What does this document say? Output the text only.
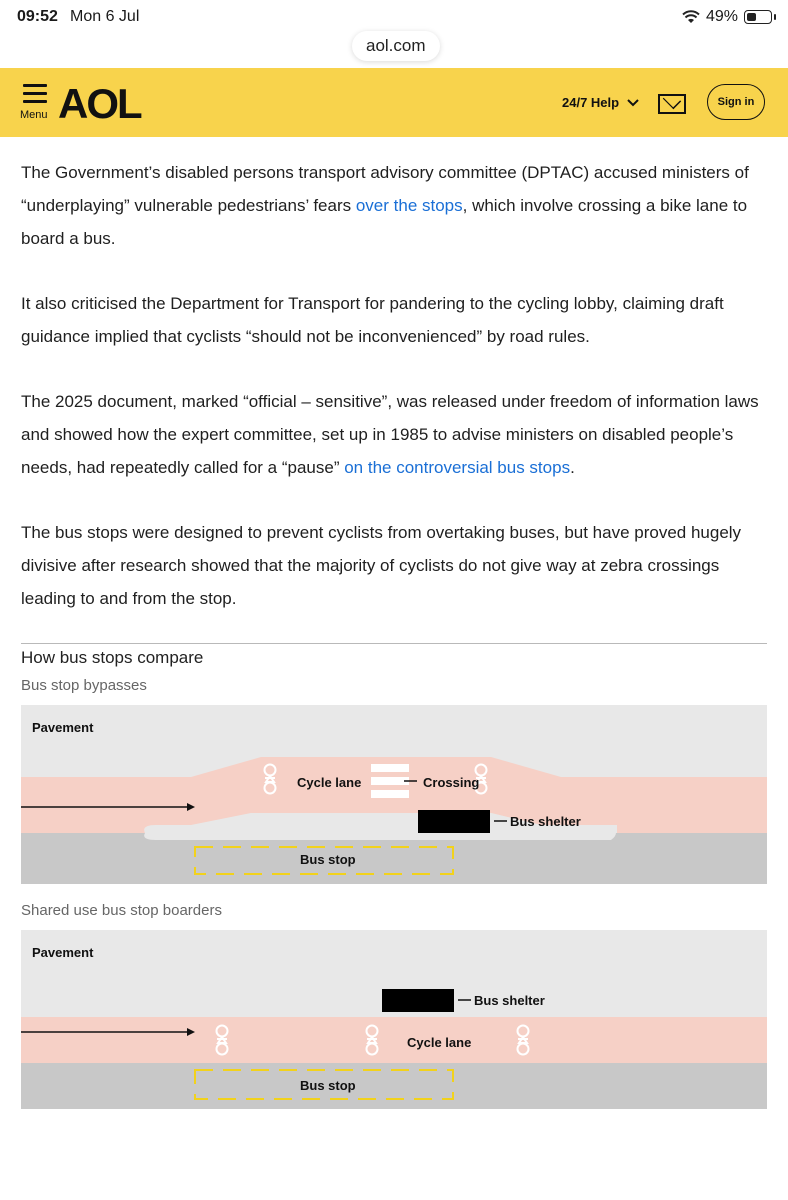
09:52 Mon 6 Jul	49%
aol.com
Menu AOL	24/7 Help	Sign in

The Government’s disabled persons transport advisory committee (DPTAC) accused ministers of “underplaying” vulnerable pedestrians’ fears over the stops, which involve crossing a bike lane to board a bus.

It also criticised the Department for Transport for pandering to the cycling lobby, claiming draft guidance implied that cyclists “should not be inconvenienced” by road rules.

The 2025 document, marked “official – sensitive”, was released under freedom of information laws and showed how the expert committee, set up in 1985 to advise ministers on disabled people’s needs, had repeatedly called for a “pause” on the controversial bus stops.

The bus stops were designed to prevent cyclists from overtaking buses, but have proved hugely divisive after research showed that the majority of cyclists do not give way at zebra crossings leading to and from the stop.

How bus stops compare
Bus stop bypasses
Pavement
Cycle lane	Crossing
Bus shelter
Bus stop
Shared use bus stop boarders
Pavement
Bus shelter
Cycle lane
Bus stop
